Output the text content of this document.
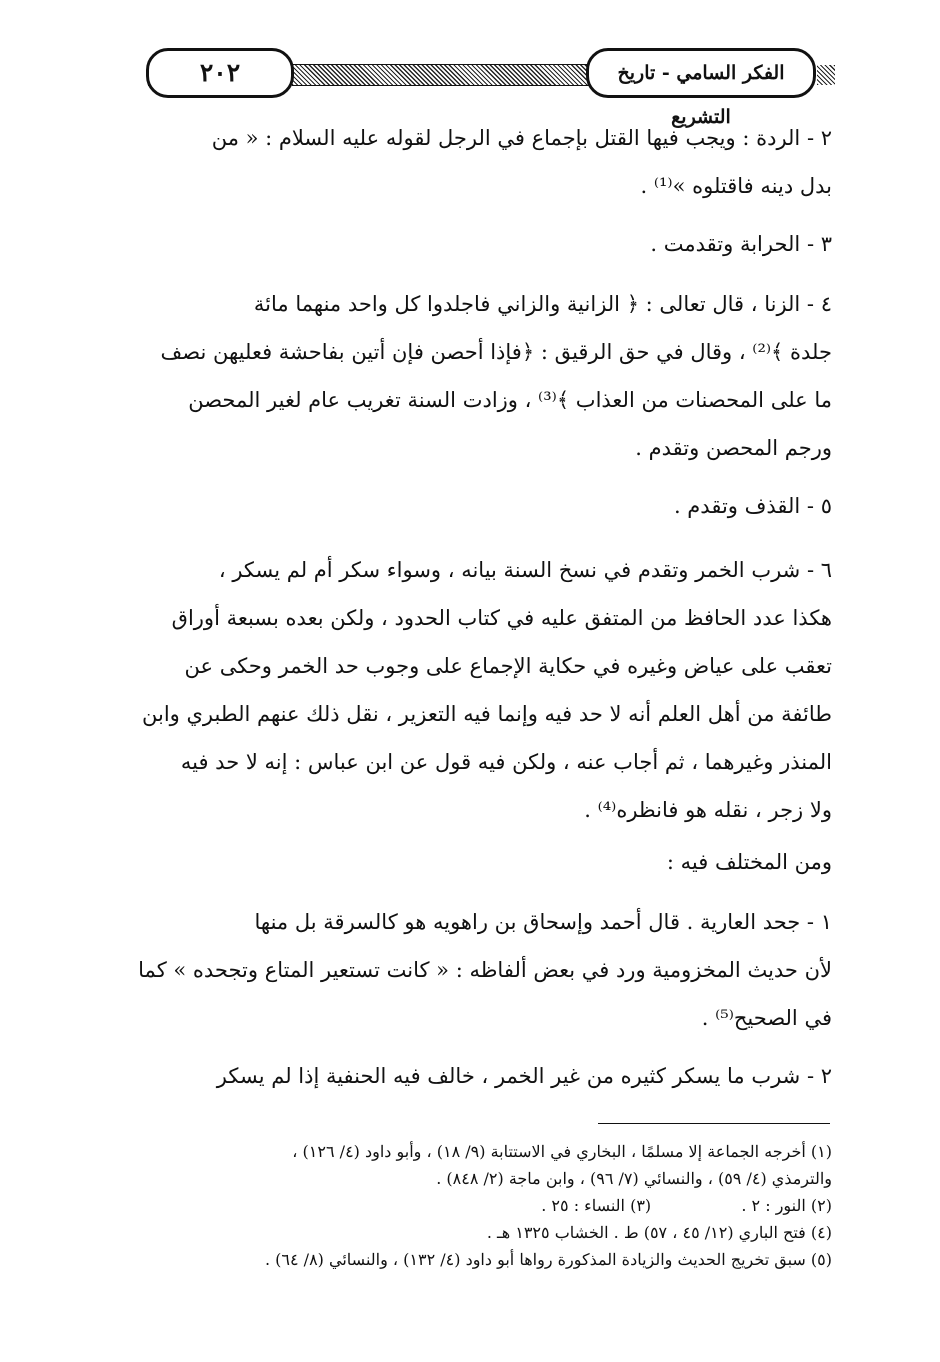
٢٠٢	الفكر السامي - تاريخ التشريع
٢ - الردة : ويجب فيها القتل بإجماع في الرجل لقوله عليه السلام : « من
بدل دينه فاقتلوه »⁽¹⁾ .
٣ - الحرابة وتقدمت .
٤ - الزنا ، قال تعالى : ﴿ الزانية والزاني فاجلدوا كل واحد منهما مائة
جلدة ﴾⁽²⁾ ، وقال في حق الرقيق : ﴿فإذا أحصن فإن أتين بفاحشة فعليهن نصف
ما على المحصنات من العذاب ﴾⁽³⁾ ، وزادت السنة تغريب عام لغير المحصن
ورجم المحصن وتقدم .
٥ - القذف وتقدم .
٦ - شرب الخمر وتقدم في نسخ السنة بيانه ، وسواء سكر أم لم يسكر ،
هكذا عدد الحافظ من المتفق عليه في كتاب الحدود ، ولكن بعده بسبعة أوراق
تعقب على عياض وغيره في حكاية الإجماع على وجوب حد الخمر وحكى عن
طائفة من أهل العلم أنه لا حد فيه وإنما فيه التعزير ، نقل ذلك عنهم الطبري وابن
المنذر وغيرهما ، ثم أجاب عنه ، ولكن فيه قول عن ابن عباس : إنه لا حد فيه
ولا زجر ، نقله هو فانظره⁽⁴⁾ .
ومن المختلف فيه :
١ - جحد العارية . قال أحمد وإسحاق بن راهويه هو كالسرقة بل منها
لأن حديث المخزومية ورد في بعض ألفاظه : « كانت تستعير المتاع وتجحده » كما
في الصحيح⁽⁵⁾ .
٢ - شرب ما يسكر كثيره من غير الخمر ، خالف فيه الحنفية إذا لم يسكر
(١) أخرجه الجماعة إلا مسلمًا ، البخاري في الاستتابة (٩/ ١٨) ، وأبو داود (٤/ ١٢٦) ،
والترمذي (٤/ ٥٩) ، والنسائي (٧/ ٩٦) ، وابن ماجة (٢/ ٨٤٨) .
(٢) النور : ٢ .  (٣) النساء : ٢٥ .
(٤) فتح الباري (١٢/ ٤٥ ، ٥٧) ط . الخشاب ١٣٢٥ هـ .
(٥) سبق تخريج الحديث والزيادة المذكورة رواها أبو داود (٤/ ١٣٢) ، والنسائي (٨/ ٦٤) .
